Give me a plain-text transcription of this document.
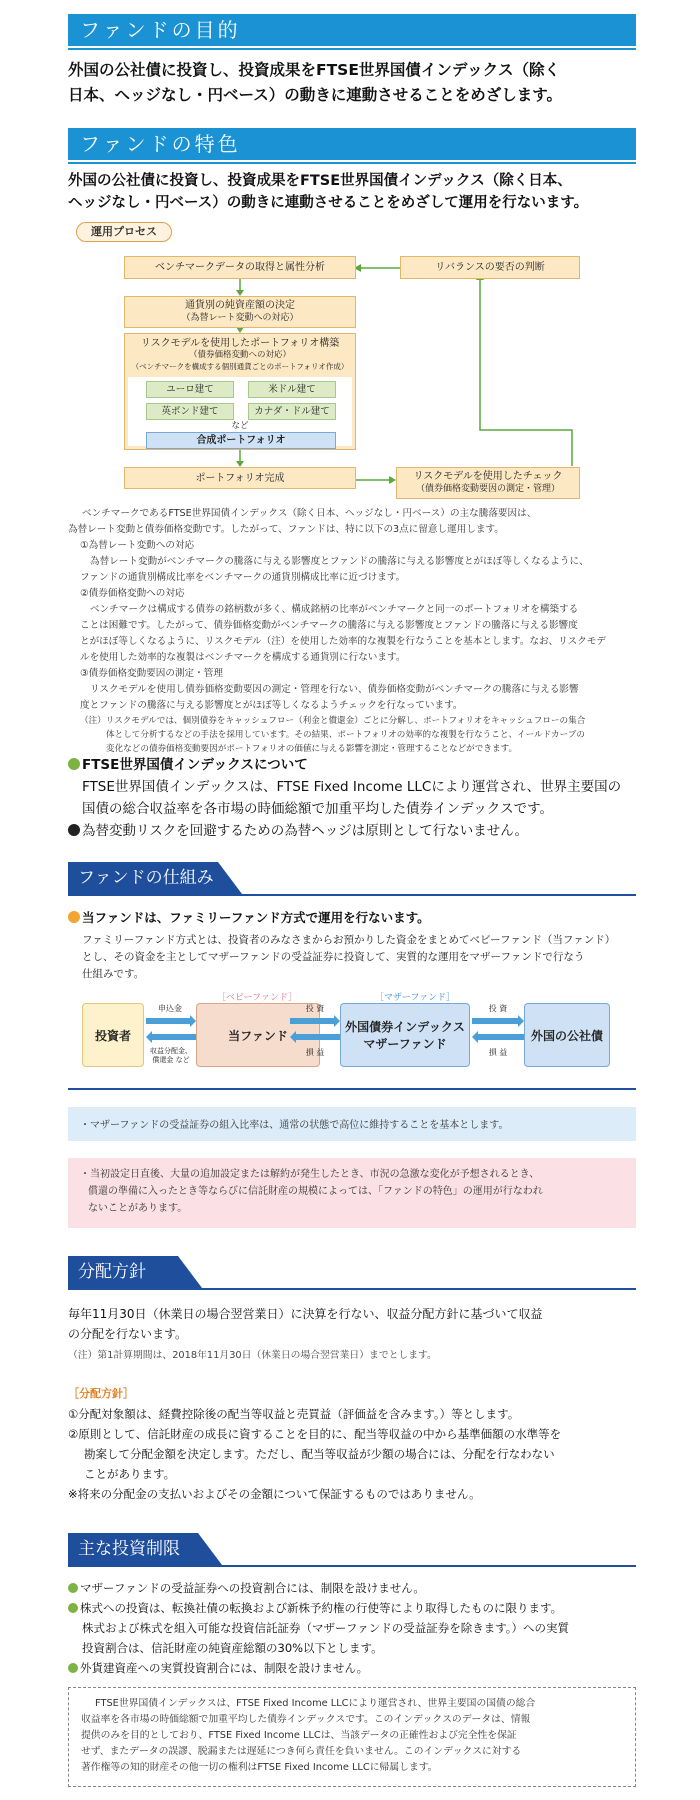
ファンドの目的
外国の公社債に投資し、投資成果をFTSE世界国債インデックス（除く
日本、ヘッジなし・円ベース）の動きに連動させることをめざします。
ファンドの特色
外国の公社債に投資し、投資成果をFTSE世界国債インデックス（除く日本、
ヘッジなし・円ベース）の動きに連動させることをめざして運用を行ないます。
運用プロセス
ベンチマークデータの取得と属性分析
通貨別の純資産額の決定
（為替レート変動への対応）
リスクモデルを使用したポートフォリオ構築
（債券価格変動への対応）
（ベンチマークを構成する個別通貨ごとのポートフォリオ作成）
ユーロ建て	米ドル建て
英ポンド建て	カナダ・ドル建て
など
合成ポートフォリオ
ポートフォリオ完成
リバランスの要否の判断
リスクモデルを使用したチェック
（債券価格変動要因の測定・管理）
ベンチマークであるFTSE世界国債インデックス（除く日本、ヘッジなし・円ベース）の主な騰落要因は、
為替レート変動と債券価格変動です。したがって、ファンドは、特に以下の3点に留意し運用します。
①為替レート変動への対応
為替レート変動がベンチマークの騰落に与える影響度とファンドの騰落に与える影響度とがほぼ等しくなるように、
ファンドの通貨別構成比率をベンチマークの通貨別構成比率に近づけます。
②債券価格変動への対応
ベンチマークは構成する債券の銘柄数が多く、構成銘柄の比率がベンチマークと同一のポートフォリオを構築する
ことは困難です。したがって、債券価格変動がベンチマークの騰落に与える影響度とファンドの騰落に与える影響度
とがほぼ等しくなるように、リスクモデル（注）を使用した効率的な複製を行なうことを基本とします。なお、リスクモデ
ルを使用した効率的な複製はベンチマークを構成する通貨別に行ないます。
③債券価格変動要因の測定・管理
リスクモデルを使用し債券価格変動要因の測定・管理を行ない、債券価格変動がベンチマークの騰落に与える影響
度とファンドの騰落に与える影響度とがほぼ等しくなるようチェックを行なっています。
（注）リスクモデルでは、個別債券をキャッシュフロー（利金と償還金）ごとに分解し、ポートフォリオをキャッシュフローの集合
体として分析するなどの手法を採用しています。その結果、ポートフォリオの効率的な複製を行なうこと、イールドカーブの
変化などの債券価格変動要因がポートフォリオの価値に与える影響を測定・管理することなどができます。
FTSE世界国債インデックスについて
FTSE世界国債インデックスは、FTSE Fixed Income LLCにより運営され、世界主要国の
国債の総合収益率を各市場の時価総額で加重平均した債券インデックスです。
為替変動リスクを回避するための為替ヘッジは原則として行ないません。
ファンドの仕組み
当ファンドは、ファミリーファンド方式で運用を行ないます。
ファミリーファンド方式とは、投資者のみなさまからお預かりした資金をまとめてベビーファンド（当ファンド）
とし、その資金を主としてマザーファンドの受益証券に投資して、実質的な運用をマザーファンドで行なう
仕組みです。
［ベビーファンド］	［マザーファンド］
投資者	当ファンド
外国債券インデックス
マザーファンド
外国の公社債
申込金
収益分配金、
償還金 など
投 資
損 益
投 資
損 益
・マザーファンドの受益証券の組入比率は、通常の状態で高位に維持することを基本とします。
・当初設定日直後、大量の追加設定または解約が発生したとき、市況の急激な変化が予想されるとき、
償還の準備に入ったとき等ならびに信託財産の規模によっては、「ファンドの特色」の運用が行なわれ
ないことがあります。
分配方針
毎年11月30日（休業日の場合翌営業日）に決算を行ない、収益分配方針に基づいて収益
の分配を行ないます。
（注）第1計算期間は、2018年11月30日（休業日の場合翌営業日）までとします。
［分配方針］
①分配対象額は、経費控除後の配当等収益と売買益（評価益を含みます。）等とします。
②原則として、信託財産の成長に資することを目的に、配当等収益の中から基準価額の水準等を
勘案して分配金額を決定します。ただし、配当等収益が少額の場合には、分配を行なわない
ことがあります。
※将来の分配金の支払いおよびその金額について保証するものではありません。
主な投資制限
マザーファンドの受益証券への投資割合には、制限を設けません。
株式への投資は、転換社債の転換および新株予約権の行使等により取得したものに限ります。
株式および株式を組入可能な投資信託証券（マザーファンドの受益証券を除きます。）への実質
投資割合は、信託財産の純資産総額の30%以下とします。
外貨建資産への実質投資割合には、制限を設けません。
FTSE世界国債インデックスは、FTSE Fixed Income LLCにより運営され、世界主要国の国債の総合
収益率を各市場の時価総額で加重平均した債券インデックスです。このインデックスのデータは、情報
提供のみを目的としており、FTSE Fixed Income LLCは、当該データの正確性および完全性を保証
せず、またデータの誤謬、脱漏または遅延につき何ら責任を負いません。このインデックスに対する
著作権等の知的財産その他一切の権利はFTSE Fixed Income LLCに帰属します。
